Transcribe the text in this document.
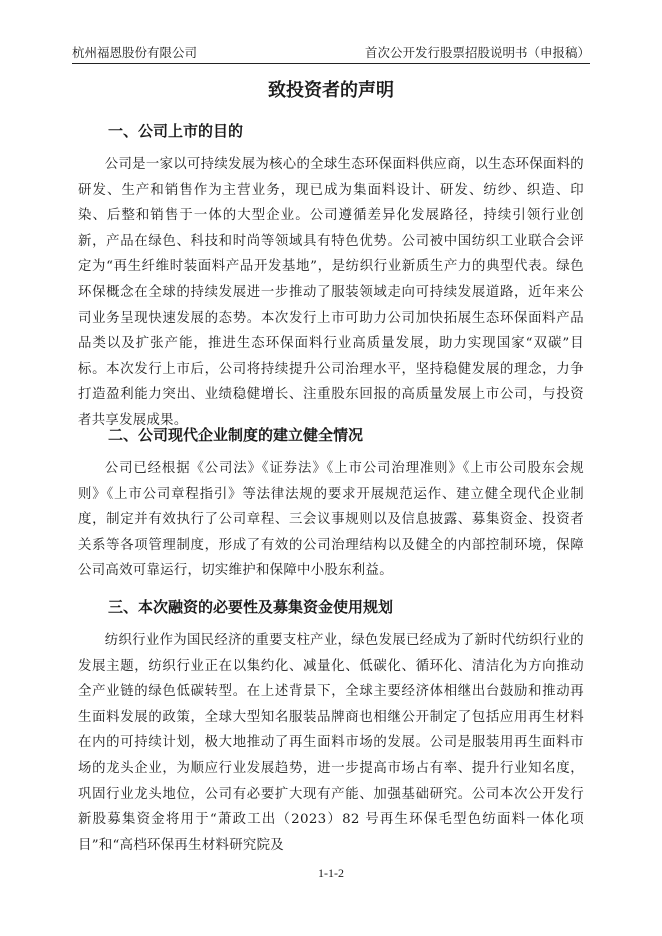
杭州福恩股份有限公司	首次公开发行股票招股说明书（申报稿）
致投资者的声明
一、公司上市的目的

公司是一家以可持续发展为核心的全球生态环保面料供应商，以生态环保面料的研发、生产和销售作为主营业务，现已成为集面料设计、研发、纺纱、织造、印染、后整和销售于一体的大型企业。公司遵循差异化发展路径，持续引领行业创新，产品在绿色、科技和时尚等领域具有特色优势。公司被中国纺织工业联合会评定为“再生纤维时装面料产品开发基地”，是纺织行业新质生产力的典型代表。绿色环保概念在全球的持续发展进一步推动了服装领域走向可持续发展道路，近年来公司业务呈现快速发展的态势。本次发行上市可助力公司加快拓展生态环保面料产品品类以及扩张产能，推进生态环保面料行业高质量发展，助力实现国家“双碳”目标。本次发行上市后，公司将持续提升公司治理水平，坚持稳健发展的理念，力争打造盈利能力突出、业绩稳健增长、注重股东回报的高质量发展上市公司，与投资者共享发展成果。

二、公司现代企业制度的建立健全情况

公司已经根据《公司法》《证券法》《上市公司治理准则》《上市公司股东会规则》《上市公司章程指引》等法律法规的要求开展规范运作、建立健全现代企业制度，制定并有效执行了公司章程、三会议事规则以及信息披露、募集资金、投资者关系等各项管理制度，形成了有效的公司治理结构以及健全的内部控制环境，保障公司高效可靠运行，切实维护和保障中小股东利益。

三、本次融资的必要性及募集资金使用规划

纺织行业作为国民经济的重要支柱产业，绿色发展已经成为了新时代纺织行业的发展主题，纺织行业正在以集约化、减量化、低碳化、循环化、清洁化为方向推动全产业链的绿色低碳转型。在上述背景下，全球主要经济体相继出台鼓励和推动再生面料发展的政策，全球大型知名服装品牌商也相继公开制定了包括应用再生材料在内的可持续计划，极大地推动了再生面料市场的发展。公司是服装用再生面料市场的龙头企业，为顺应行业发展趋势，进一步提高市场占有率、提升行业知名度，巩固行业龙头地位，公司有必要扩大现有产能、加强基础研究。公司本次公开发行新股募集资金将用于“萧政工出（2023）82 号再生环保毛型色纺面料一体化项目”和“高档环保再生材料研究院及

1-1-2
